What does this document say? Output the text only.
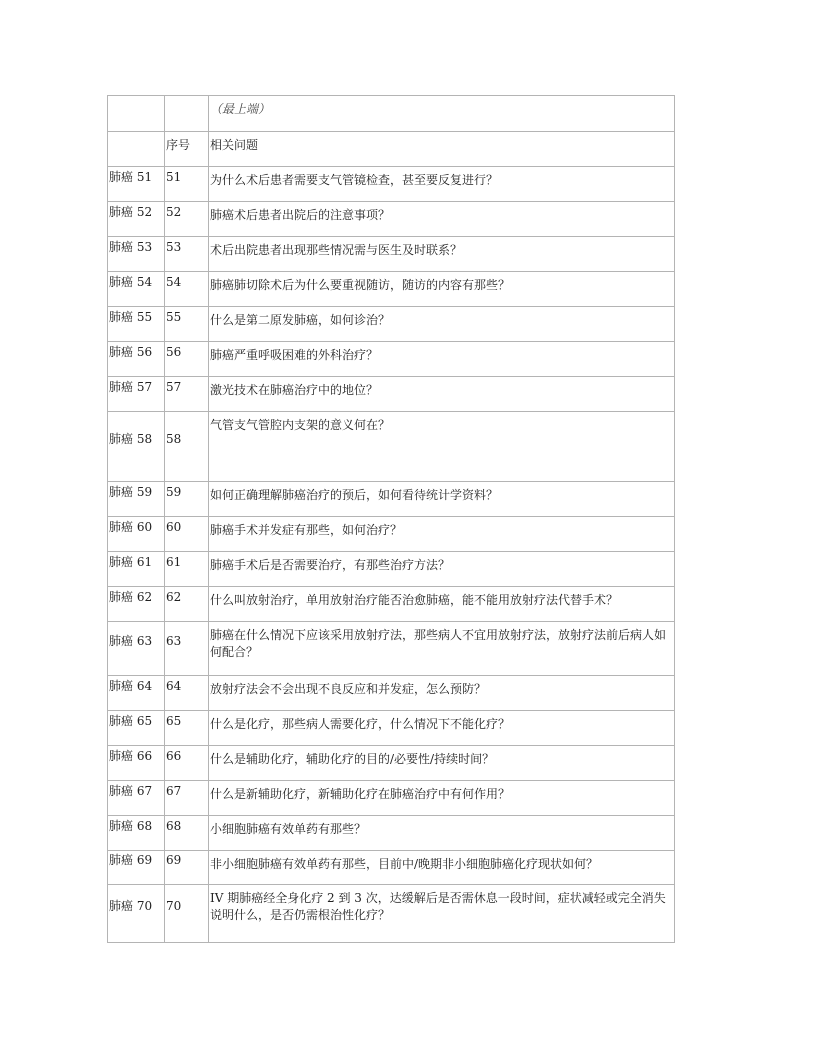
		（最上端）
	序号	相关问题
肺癌 51	51	为什么术后患者需要支气管镜检查，甚至要反复进行？
肺癌 52	52	肺癌术后患者出院后的注意事项？
肺癌 53	53	术后出院患者出现那些情况需与医生及时联系？
肺癌 54	54	肺癌肺切除术后为什么要重视随访，随访的内容有那些？
肺癌 55	55	什么是第二原发肺癌，如何诊治？
肺癌 56	56	肺癌严重呼吸困难的外科治疗？
肺癌 57	57	激光技术在肺癌治疗中的地位？
肺癌 58	58	气管支气管腔内支架的意义何在？
肺癌 59	59	如何正确理解肺癌治疗的预后，如何看待统计学资料？
肺癌 60	60	肺癌手术并发症有那些，如何治疗？
肺癌 61	61	肺癌手术后是否需要治疗，有那些治疗方法？
肺癌 62	62	什么叫放射治疗，单用放射治疗能否治愈肺癌，能不能用放射疗法代替手术？
肺癌 63	63	肺癌在什么情况下应该采用放射疗法，那些病人不宜用放射疗法，放射疗法前后病人如何配合？
肺癌 64	64	放射疗法会不会出现不良反应和并发症，怎么预防？
肺癌 65	65	什么是化疗，那些病人需要化疗，什么情况下不能化疗？
肺癌 66	66	什么是辅助化疗，辅助化疗的目的/必要性/持续时间？
肺癌 67	67	什么是新辅助化疗，新辅助化疗在肺癌治疗中有何作用？
肺癌 68	68	小细胞肺癌有效单药有那些？
肺癌 69	69	非小细胞肺癌有效单药有那些，目前中/晚期非小细胞肺癌化疗现状如何？
肺癌 70	70	IV 期肺癌经全身化疗 2 到 3 次，达缓解后是否需休息一段时间，症状减轻或完全消失说明什么，是否仍需根治性化疗？
